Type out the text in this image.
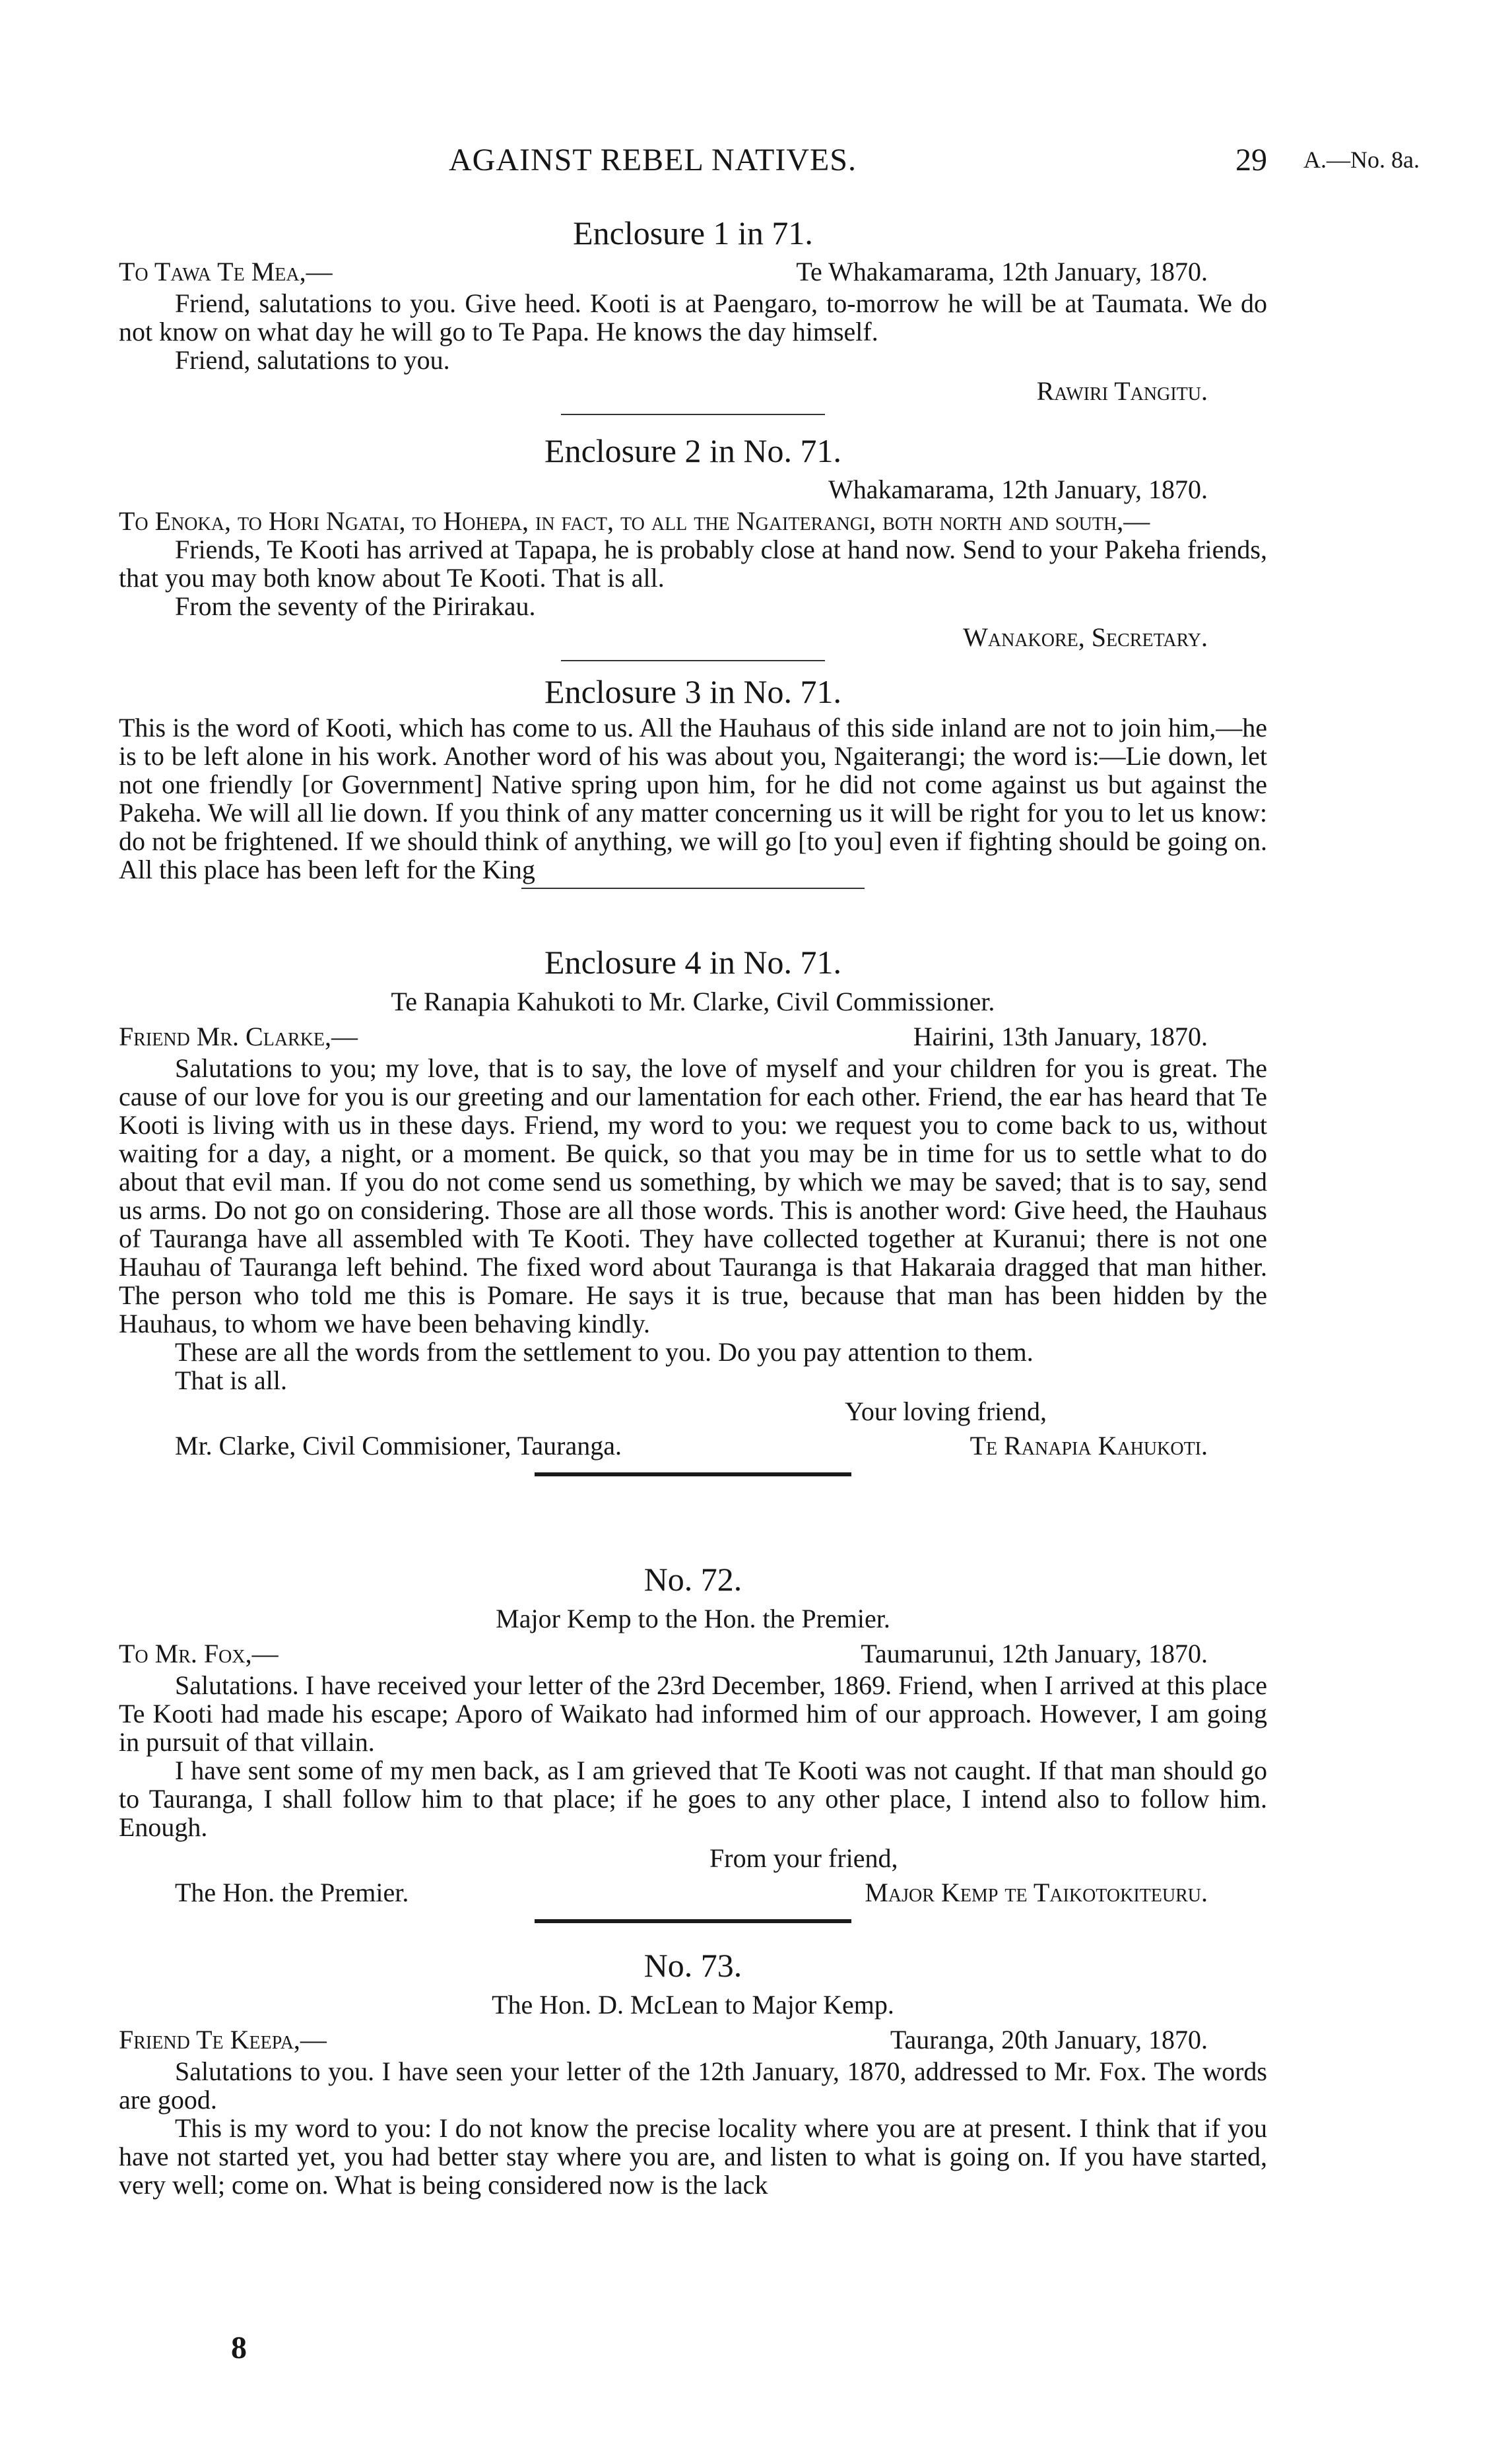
AGAINST REBEL NATIVES.	29 A.—No. 8a.
Enclosure 1 in 71.
To Tawa Te Mea,—	Te Whakamarama, 12th January, 1870.

Friend, salutations to you. Give heed. Kooti is at Paengaro, to-morrow he will be at Taumata. We do not know on what day he will go to Te Papa. He knows the day himself.

Friend, salutations to you.

Rawiri Tangitu.
Enclosure 2 in No. 71.
Whakamarama, 12th January, 1870.

To Enoka, to Hori Ngatai, to Hohepa, in fact, to all the Ngaiterangi, both north and south,—

Friends, Te Kooti has arrived at Tapapa, he is probably close at hand now. Send to your Pakeha friends, that you may both know about Te Kooti. That is all.

From the seventy of the Pirirakau.

Wanakore, Secretary.
Enclosure 3 in No. 71.

This is the word of Kooti, which has come to us. All the Hauhaus of this side inland are not to join him,—he is to be left alone in his work. Another word of his was about you, Ngaiterangi; the word is:—Lie down, let not one friendly [or Government] Native spring upon him, for he did not come against us but against the Pakeha. We will all lie down. If you think of any matter concerning us it will be right for you to let us know: do not be frightened. If we should think of anything, we will go [to you] even if fighting should be going on. All this place has been left for the King

Enclosure 4 in No. 71.
Te Ranapia Kahukoti to Mr. Clarke, Civil Commissioner.
Friend Mr. Clarke,—	Hairini, 13th January, 1870.

Salutations to you; my love, that is to say, the love of myself and your children for you is great. The cause of our love for you is our greeting and our lamentation for each other. Friend, the ear has heard that Te Kooti is living with us in these days. Friend, my word to you: we request you to come back to us, without waiting for a day, a night, or a moment. Be quick, so that you may be in time for us to settle what to do about that evil man. If you do not come send us something, by which we may be saved; that is to say, send us arms. Do not go on considering. Those are all those words. This is another word: Give heed, the Hauhaus of Tauranga have all assembled with Te Kooti. They have collected together at Kuranui; there is not one Hauhau of Tauranga left behind. The fixed word about Tauranga is that Hakaraia dragged that man hither. The person who told me this is Pomare. He says it is true, because that man has been hidden by the Hauhaus, to whom we have been behaving kindly.

These are all the words from the settlement to you. Do you pay attention to them.

That is all.

Your loving friend,
Mr. Clarke, Civil Commisioner, Tauranga.	Te Ranapia Kahukoti.
No. 72.
Major Kemp to the Hon. the Premier.
To Mr. Fox,—	Taumarunui, 12th January, 1870.

Salutations. I have received your letter of the 23rd December, 1869. Friend, when I arrived at this place Te Kooti had made his escape; Aporo of Waikato had informed him of our approach. However, I am going in pursuit of that villain.

I have sent some of my men back, as I am grieved that Te Kooti was not caught. If that man should go to Tauranga, I shall follow him to that place; if he goes to any other place, I intend also to follow him. Enough.

From your friend,
The Hon. the Premier.	Major Kemp te Taikotokiteuru.
No. 73.
The Hon. D. McLean to Major Kemp.
Friend Te Keepa,—	Tauranga, 20th January, 1870.

Salutations to you. I have seen your letter of the 12th January, 1870, addressed to Mr. Fox. The words are good.

This is my word to you: I do not know the precise locality where you are at present. I think that if you have not started yet, you had better stay where you are, and listen to what is going on. If you have started, very well; come on. What is being considered now is the lack

8
